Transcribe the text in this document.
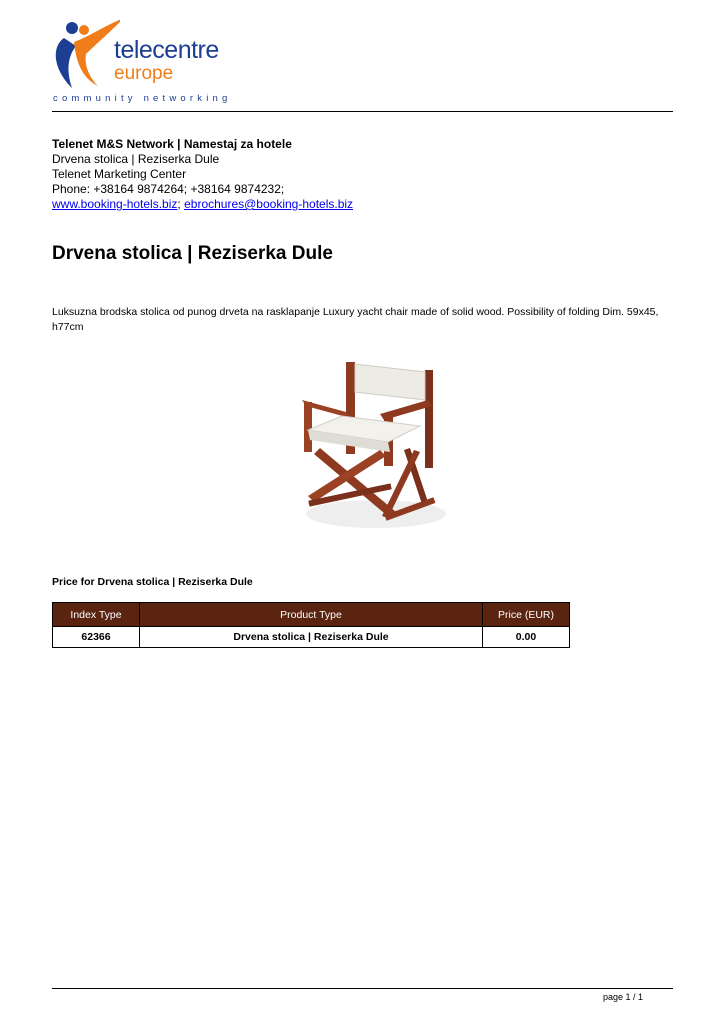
telecentre
europe
community networking
Telenet M&S Network | Namestaj za hotele
Drvena stolica | Reziserka Dule
Telenet Marketing Center
Phone: +38164 9874264; +38164 9874232;
www.booking-hotels.biz; ebrochures@booking-hotels.biz
Drvena stolica | Reziserka Dule
Luksuzna brodska stolica od punog drveta na rasklapanje Luxury yacht chair made of solid wood. Possibility of folding Dim. 59x45, h77cm
Price for Drvena stolica | Reziserka Dule
Index Type	Product Type	Price (EUR)
62366	Drvena stolica | Reziserka Dule	0.00
page 1 / 1
